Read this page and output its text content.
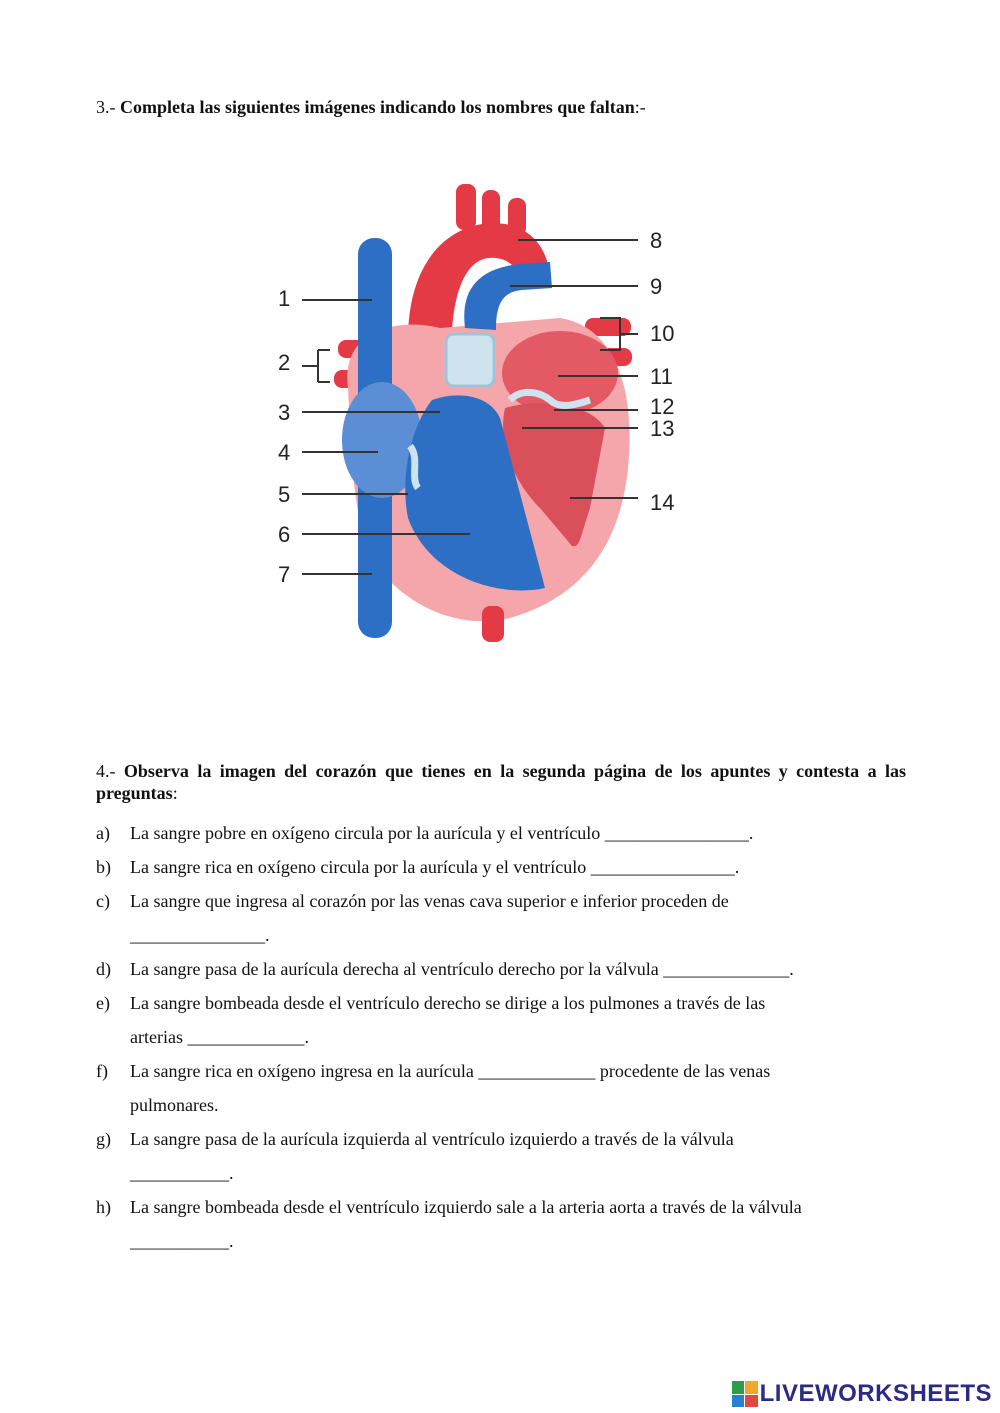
3.- Completa las siguientes imágenes indicando los nombres que faltan:-
1
2
3
4
5
6
7
8
9
10
11
12
13
14
4.- Observa la imagen del corazón que tienes en la segunda página de los apuntes y contesta a las preguntas:
a)	La sangre pobre en oxígeno circula por la aurícula y el ventrículo ________________.
b)	La sangre rica en oxígeno circula por la aurícula y el ventrículo ________________.
c)	La sangre que ingresa al corazón por las venas cava superior e inferior proceden de
_______________.
d)	La sangre pasa de la aurícula derecha al ventrículo derecho por la válvula ______________.
e)	La sangre bombeada desde el ventrículo derecho se dirige a los pulmones a través de las
arterias _____________.
f)	La sangre rica en oxígeno ingresa en la aurícula _____________ procedente de las venas
pulmonares.
g)	La sangre pasa de la aurícula izquierda al ventrículo izquierdo a través de la válvula
___________.
h)	La sangre bombeada desde el ventrículo izquierdo sale a la arteria aorta a través de la válvula
___________.
LIVEWORKSHEETS
